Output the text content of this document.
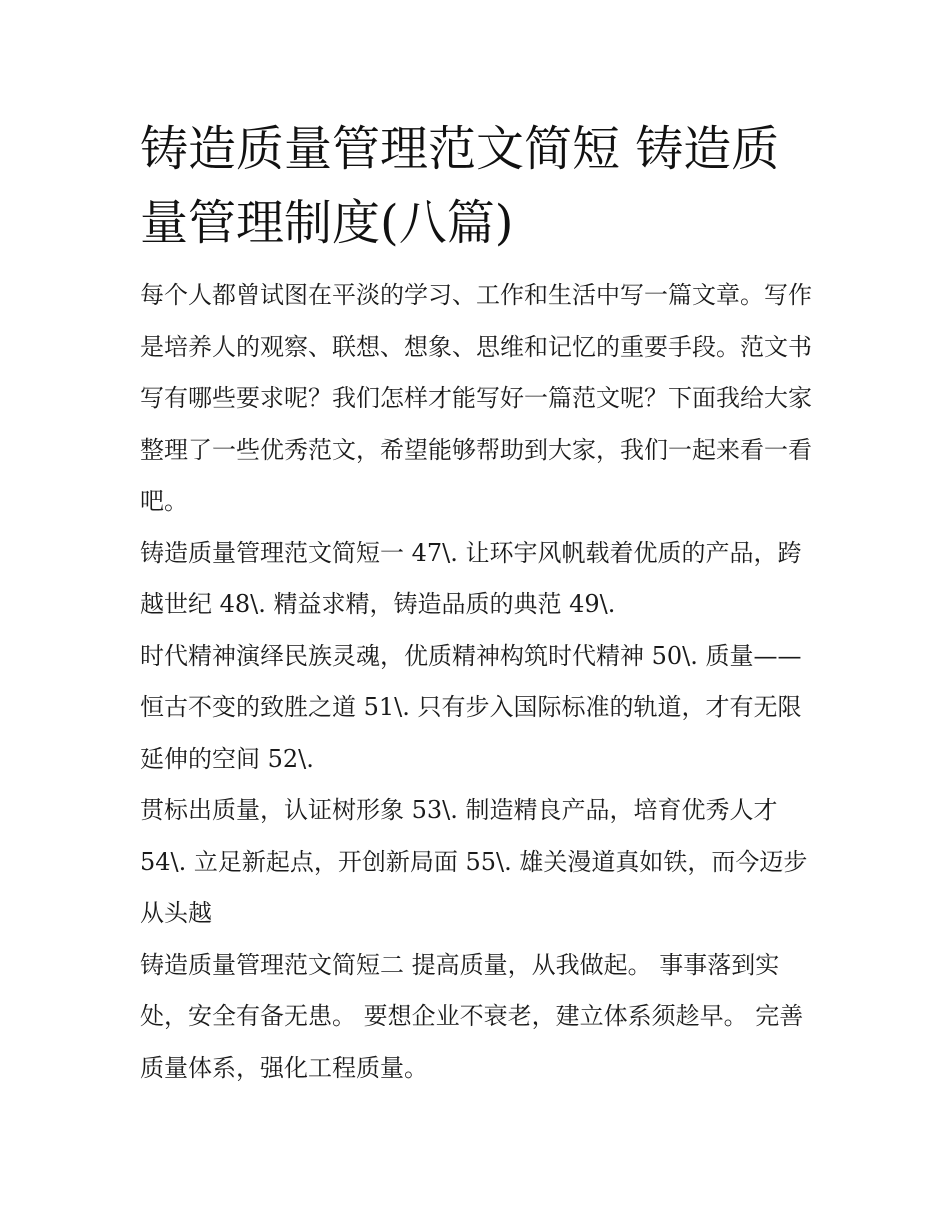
铸造质量管理范文简短 铸造质量管理制度(八篇)

每个人都曾试图在平淡的学习、工作和生活中写一篇文章。写作是培养人的观察、联想、想象、思维和记忆的重要手段。范文书写有哪些要求呢？我们怎样才能写好一篇范文呢？下面我给大家整理了一些优秀范文，希望能够帮助到大家，我们一起来看一看吧。

铸造质量管理范文简短一 47\. 让环宇风帆载着优质的产品，跨越世纪 48\. 精益求精，铸造品质的典范 49\.

时代精神演绎民族灵魂，优质精神构筑时代精神 50\. 质量——恒古不变的致胜之道 51\. 只有步入国际标准的轨道，才有无限延伸的空间 52\.

贯标出质量，认证树形象 53\. 制造精良产品，培育优秀人才 54\. 立足新起点，开创新局面 55\. 雄关漫道真如铁，而今迈步从头越

铸造质量管理范文简短二 提高质量，从我做起。 事事落到实处，安全有备无患。 要想企业不衰老，建立体系须趁早。 完善质量体系，强化工程质量。
